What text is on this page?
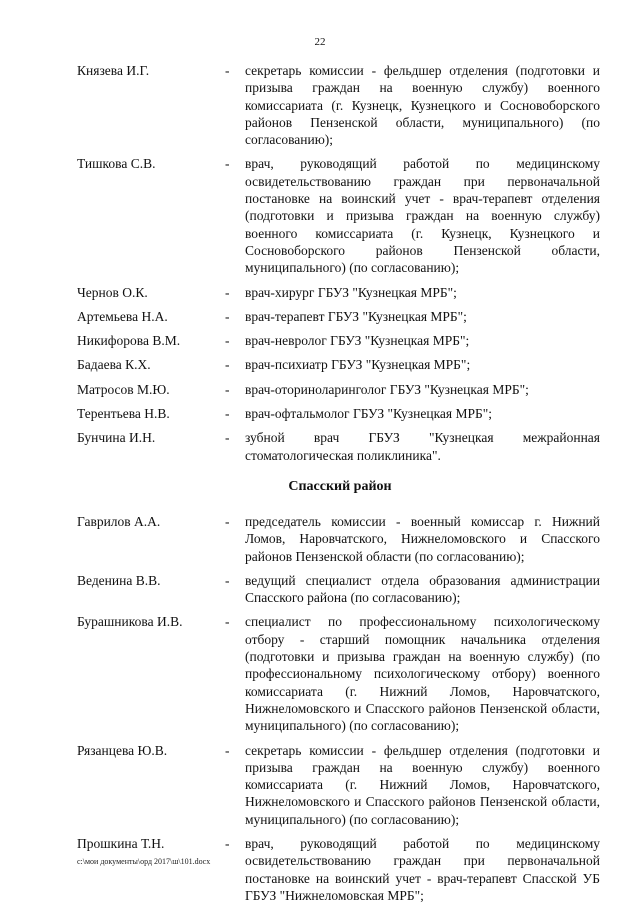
22
Князева И.Г.	- секретарь комиссии - фельдшер отделения (подготовки и призыва граждан на военную службу) военного комиссариата (г. Кузнецк, Кузнецкого и Сосновоборского районов Пензенской области, муниципального) (по согласованию);
Тишкова С.В.	- врач, руководящий работой по медицинскому освидетельствованию граждан при первоначальной постановке на воинский учет - врач-терапевт отделения (подготовки и призыва граждан на военную службу) военного комиссариата (г. Кузнецк, Кузнецкого и Сосновоборского районов Пензенской области, муниципального) (по согласованию);
Чернов О.К.	- врач-хирург ГБУЗ "Кузнецкая МРБ";
Артемьева Н.А.	- врач-терапевт ГБУЗ "Кузнецкая МРБ";
Никифорова В.М.	- врач-невролог ГБУЗ "Кузнецкая МРБ";
Бадаева К.Х.	- врач-психиатр ГБУЗ "Кузнецкая МРБ";
Матросов М.Ю.	- врач-оториноларинголог ГБУЗ "Кузнецкая МРБ";
Терентьева Н.В.	- врач-офтальмолог ГБУЗ "Кузнецкая МРБ";
Бунчина И.Н.	- зубной врач ГБУЗ "Кузнецкая межрайонная стоматологическая поликлиника".
Спасский район
Гаврилов А.А.	- председатель комиссии - военный комиссар г. Нижний Ломов, Наровчатского, Нижнеломовского и Спасского районов Пензенской области (по согласованию);
Веденина В.В.	- ведущий специалист отдела образования администрации Спасского района (по согласованию);
Бурашникова И.В.	- специалист по профессиональному психологическому отбору - старший помощник начальника отделения (подготовки и призыва граждан на военную службу) (по профессиональному психологическому отбору) военного комиссариата (г. Нижний Ломов, Наровчатского, Нижнеломовского и Спасского районов Пензенской области, муниципального) (по согласованию);
Рязанцева Ю.В.	- секретарь комиссии - фельдшер отделения (подготовки и призыва граждан на военную службу) военного комиссариата (г. Нижний Ломов, Наровчатского, Нижнеломовского и Спасского районов Пензенской области, муниципального) (по согласованию);
Прошкина Т.Н.	- врач, руководящий работой по медицинскому освидетельствованию граждан при первоначальной постановке на воинский учет - врач-терапевт Спасской УБ ГБУЗ "Нижнеломовская МРБ";
c:\мои документы\орд 2017\ш\101.docx
